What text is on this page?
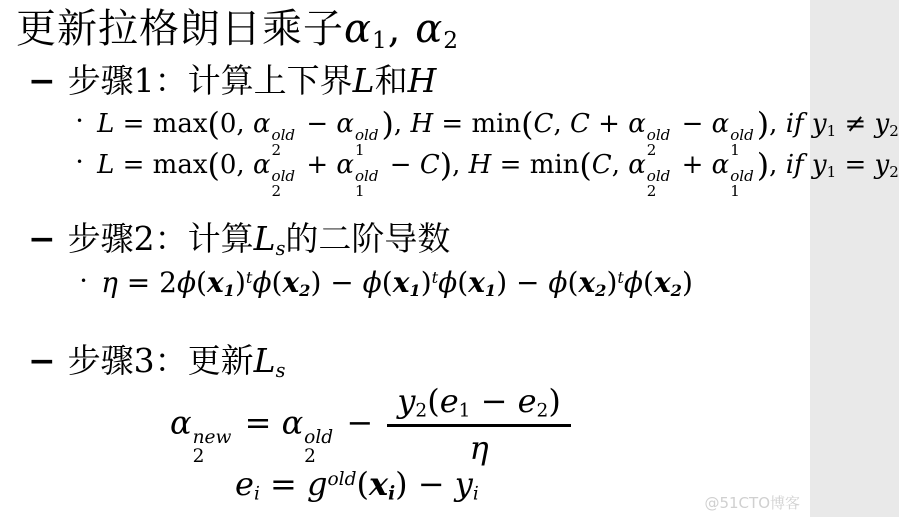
更新拉格朗日乘子$\alpha_1$, $\alpha_2$
− 步骤1：计算上下界L和H
• L = max(0, α old
2
− α old
1
), H = min(C, C + α old
2
− α old
1
), if $y_1 \ne y_2$
• L = max(0, α old
2
+ α old
1
− C), H = min(C, α old
2
+ α old
1
), if $y_1 = y_2$
− 步骤2：计算$L_s$的二阶导数
• $\eta = 2\phi(x_1)^t\phi(x_2) - \phi(x_1)^t\phi(x_1) - \phi(x_2)^t\phi(x_2)$
− 步骤3：更新$L_s$
α new
2
= α old
2
− $\frac{y_2(e_1 - e_2)}{\eta}$
$e_i = g^{old}(x_i) - y_i$	@51CTO博客
